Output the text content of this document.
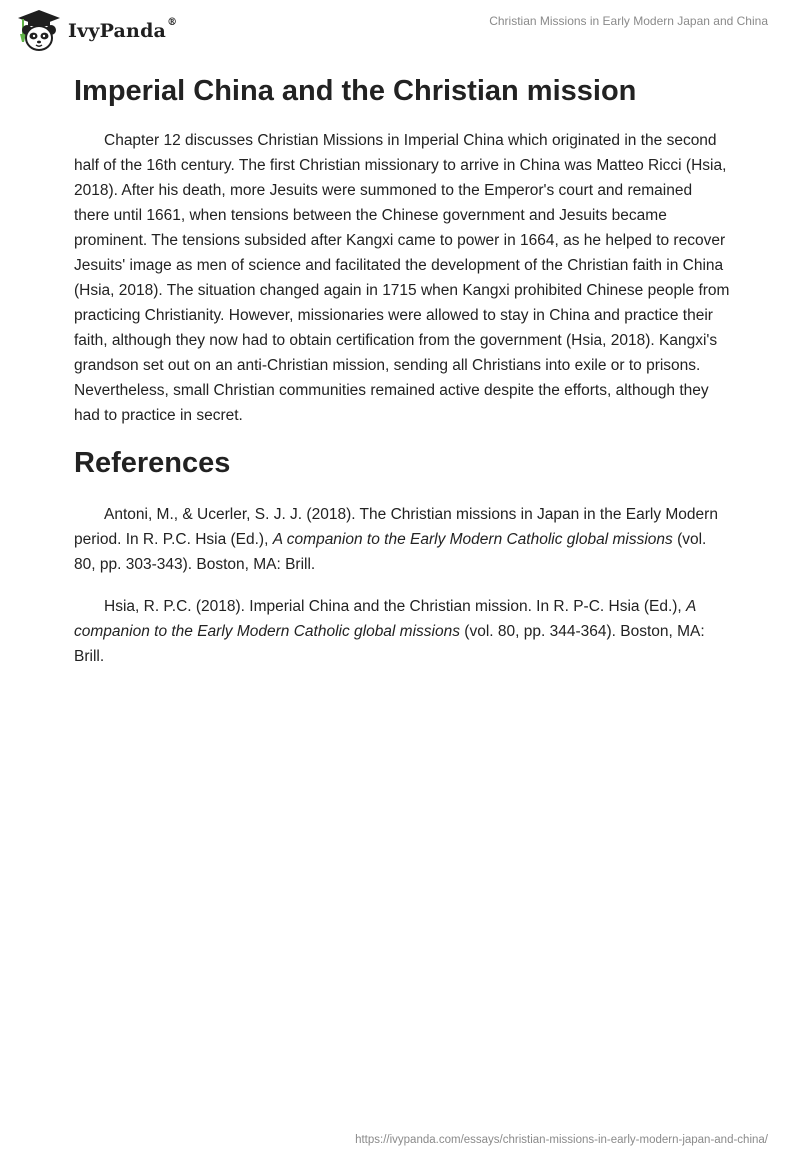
IvyPanda®	Christian Missions in Early Modern Japan and China
Imperial China and the Christian mission

Chapter 12 discusses Christian Missions in Imperial China which originated in the second half of the 16th century. The first Christian missionary to arrive in China was Matteo Ricci (Hsia, 2018). After his death, more Jesuits were summoned to the Emperor's court and remained there until 1661, when tensions between the Chinese government and Jesuits became prominent. The tensions subsided after Kangxi came to power in 1664, as he helped to recover Jesuits' image as men of science and facilitated the development of the Christian faith in China (Hsia, 2018). The situation changed again in 1715 when Kangxi prohibited Chinese people from practicing Christianity. However, missionaries were allowed to stay in China and practice their faith, although they now had to obtain certification from the government (Hsia, 2018). Kangxi's grandson set out on an anti-Christian mission, sending all Christians into exile or to prisons. Nevertheless, small Christian communities remained active despite the efforts, although they had to practice in secret.

References

Antoni, M., & Ucerler, S. J. J. (2018). The Christian missions in Japan in the Early Modern period. In R. P.C. Hsia (Ed.), A companion to the Early Modern Catholic global missions (vol. 80, pp. 303-343). Boston, MA: Brill.

Hsia, R. P.C. (2018). Imperial China and the Christian mission. In R. P-C. Hsia (Ed.), A companion to the Early Modern Catholic global missions (vol. 80, pp. 344-364). Boston, MA: Brill.

https://ivypanda.com/essays/christian-missions-in-early-modern-japan-and-china/
